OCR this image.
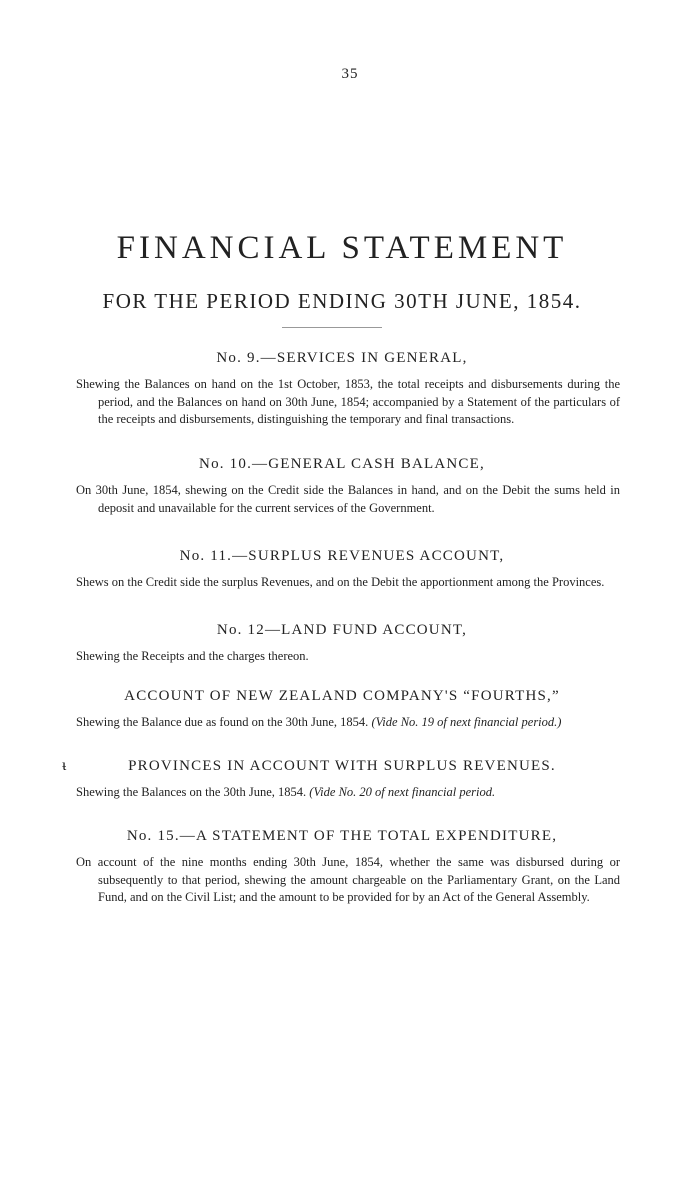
35
FINANCIAL STATEMENT
FOR THE PERIOD ENDING 30TH JUNE, 1854.
No. 9.—SERVICES IN GENERAL,

Shewing the Balances on hand on the 1st October, 1853, the total receipts and disbursements during the period, and the Balances on hand on 30th June, 1854; accompanied by a Statement of the particulars of the receipts and disbursements, distinguishing the temporary and final transactions.

No. 10.—GENERAL CASH BALANCE,

On 30th June, 1854, shewing on the Credit side the Balances in hand, and on the Debit the sums held in deposit and unavailable for the current services of the Government.

No. 11.—SURPLUS REVENUES ACCOUNT,

Shews on the Credit side the surplus Revenues, and on the Debit the apportionment among the Provinces.

No. 12—LAND FUND ACCOUNT,

Shewing the Receipts and the charges thereon.

ACCOUNT OF NEW ZEALAND COMPANY'S “FOURTHS,”

Shewing the Balance due as found on the 30th June, 1854. (Vide No. 19 of next financial period.)

ᵼ	PROVINCES IN ACCOUNT WITH SURPLUS REVENUES.

Shewing the Balances on the 30th June, 1854. (Vide No. 20 of next financial period.

No. 15.—A STATEMENT OF THE TOTAL EXPENDITURE,

On account of the nine months ending 30th June, 1854, whether the same was disbursed during or subsequently to that period, shewing the amount chargeable on the Parliamentary Grant, on the Land Fund, and on the Civil List; and the amount to be provided for by an Act of the General Assembly.
